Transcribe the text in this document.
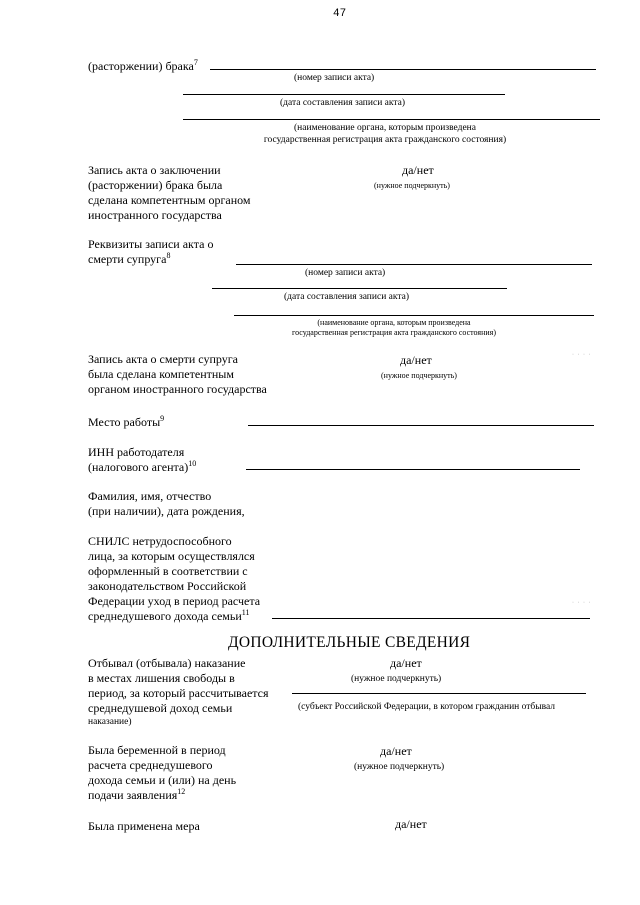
47
(расторжении) брака$^7$
(номер записи акта)
(дата составления записи акта)
(наименование органа, которым произведена
государственная регистрация акта гражданского состояния)
Запись акта о заключении
(расторжении) брака была
сделана компетентным органом
иностранного государства
да/нет
(нужное подчеркнуть)
Реквизиты записи акта о
смерти супруга$^8$
(номер записи акта)
(дата составления записи акта)
(наименование органа, которым произведена
государственная регистрация акта гражданского состояния)
Запись акта о смерти супруга
была сделана компетентным
органом иностранного государства
да/нет
(нужное подчеркнуть)
· · · ·
Место работы$^9$
ИНН работодателя
(налогового агента)$^{10}$
Фамилия, имя, отчество
(при наличии), дата рождения,
СНИЛС нетрудоспособного
лица, за которым осуществлялся
оформленный в соответствии с
законодательством Российской
Федерации уход в период расчета
среднедушевого дохода семьи$^{11}$
· · · ·
ДОПОЛНИТЕЛЬНЫЕ СВЕДЕНИЯ
Отбывал (отбывала) наказание
в местах лишения свободы в
период, за который рассчитывается
среднедушевой доход семьи
наказание)
да/нет
(нужное подчеркнуть)
(субъект Российской Федерации, в котором гражданин отбывал
Была беременной в период
расчета среднедушевого
дохода семьи и (или) на день
подачи заявления$^{12}$
да/нет
(нужное подчеркнуть)
Была применена мера	да/нет
